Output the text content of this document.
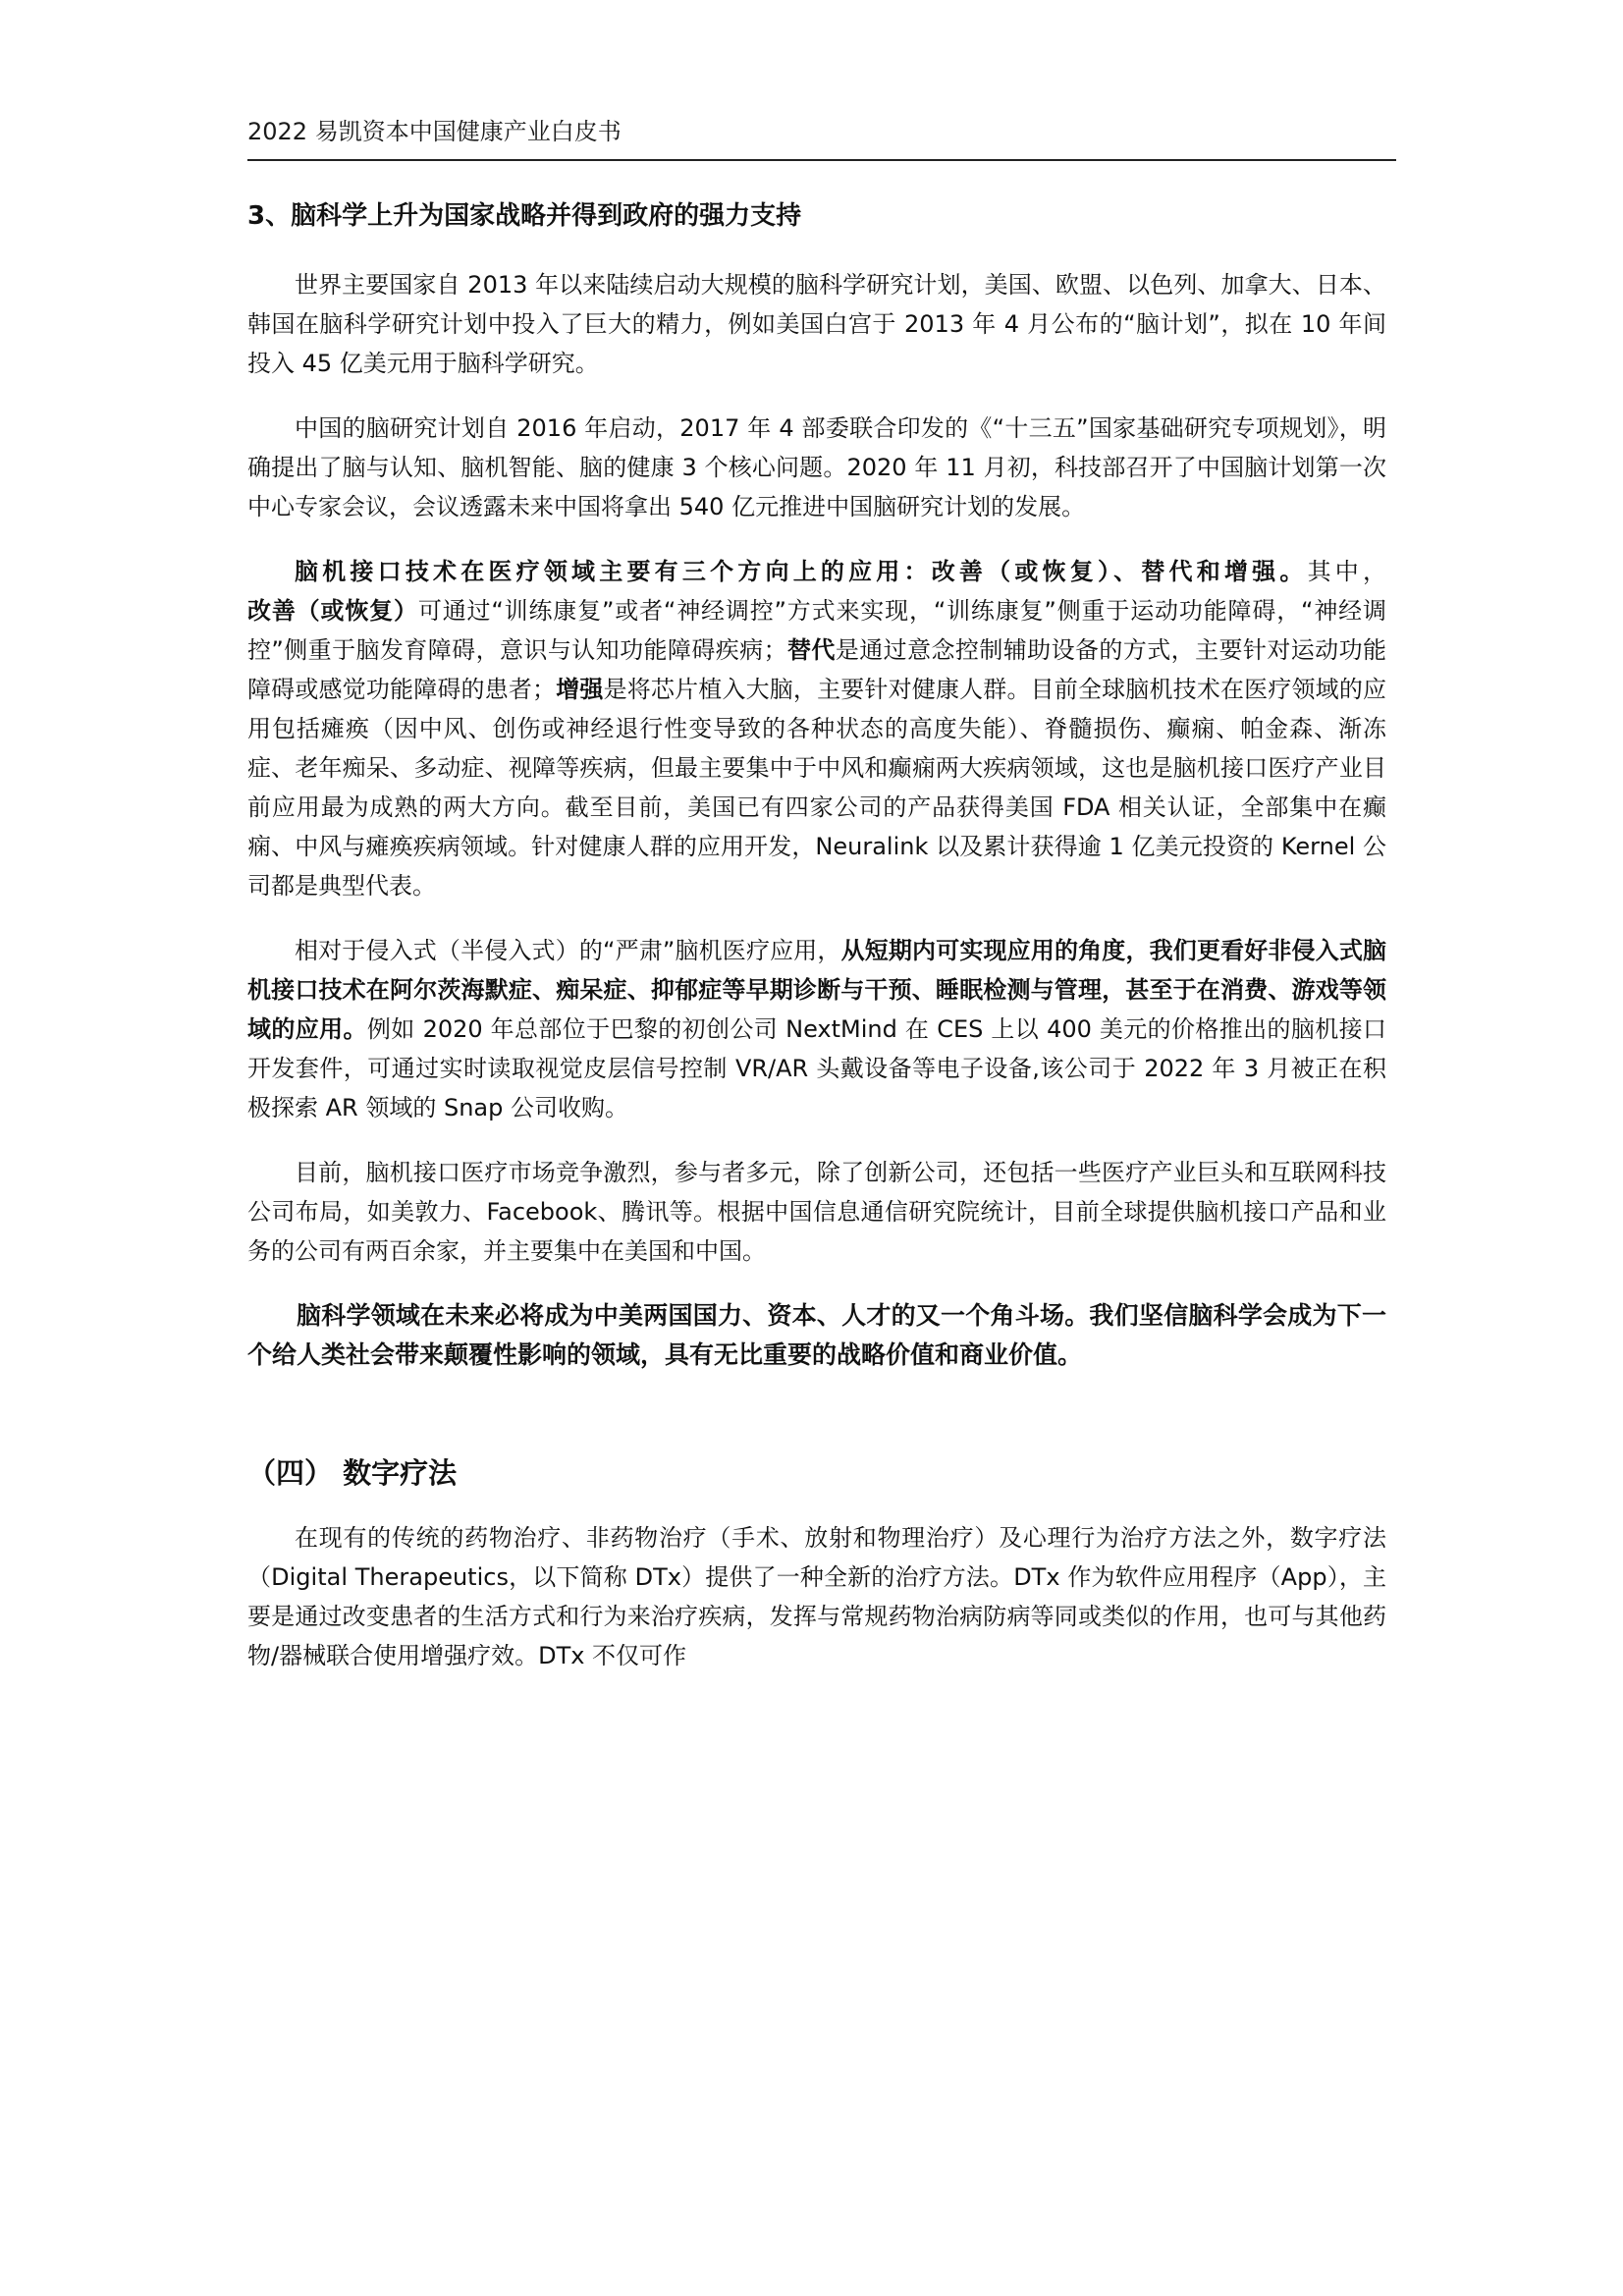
2022 易凯资本中国健康产业白皮书
3、脑科学上升为国家战略并得到政府的强力支持

世界主要国家自 2013 年以来陆续启动大规模的脑科学研究计划，美国、欧盟、以色列、加拿大、日本、韩国在脑科学研究计划中投入了巨大的精力，例如美国白宫于 2013 年 4 月公布的“脑计划”，拟在 10 年间投入 45 亿美元用于脑科学研究。

中国的脑研究计划自 2016 年启动，2017 年 4 部委联合印发的《“十三五”国家基础研究专项规划》，明确提出了脑与认知、脑机智能、脑的健康 3 个核心问题。2020 年 11 月初，科技部召开了中国脑计划第一次中心专家会议，会议透露未来中国将拿出 540 亿元推进中国脑研究计划的发展。

脑机接口技术在医疗领域主要有三个方向上的应用：改善（或恢复）、替代和增强。其中，改善（或恢复）可通过“训练康复”或者“神经调控”方式来实现，“训练康复”侧重于运动功能障碍，“神经调控”侧重于脑发育障碍，意识与认知功能障碍疾病；替代是通过意念控制辅助设备的方式，主要针对运动功能障碍或感觉功能障碍的患者；增强是将芯片植入大脑，主要针对健康人群。目前全球脑机技术在医疗领域的应用包括瘫痪（因中风、创伤或神经退行性变导致的各种状态的高度失能）、脊髓损伤、癫痫、帕金森、渐冻症、老年痴呆、多动症、视障等疾病，但最主要集中于中风和癫痫两大疾病领域，这也是脑机接口医疗产业目前应用最为成熟的两大方向。截至目前，美国已有四家公司的产品获得美国 FDA 相关认证，全部集中在癫痫、中风与瘫痪疾病领域。针对健康人群的应用开发，Neuralink 以及累计获得逾 1 亿美元投资的 Kernel 公司都是典型代表。

相对于侵入式（半侵入式）的“严肃”脑机医疗应用，从短期内可实现应用的角度，我们更看好非侵入式脑机接口技术在阿尔茨海默症、痴呆症、抑郁症等早期诊断与干预、睡眠检测与管理，甚至于在消费、游戏等领域的应用。例如 2020 年总部位于巴黎的初创公司 NextMind 在 CES 上以 400 美元的价格推出的脑机接口开发套件，可通过实时读取视觉皮层信号控制 VR/AR 头戴设备等电子设备,该公司于 2022 年 3 月被正在积极探索 AR 领域的 Snap 公司收购。

目前，脑机接口医疗市场竞争激烈，参与者多元，除了创新公司，还包括一些医疗产业巨头和互联网科技公司布局，如美敦力、Facebook、腾讯等。根据中国信息通信研究院统计，目前全球提供脑机接口产品和业务的公司有两百余家，并主要集中在美国和中国。

脑科学领域在未来必将成为中美两国国力、资本、人才的又一个角斗场。我们坚信脑科学会成为下一个给人类社会带来颠覆性影响的领域，具有无比重要的战略价值和商业价值。

（四） 数字疗法

在现有的传统的药物治疗、非药物治疗（手术、放射和物理治疗）及心理行为治疗方法之外，数字疗法（Digital Therapeutics，以下简称 DTx）提供了一种全新的治疗方法。DTx 作为软件应用程序（App），主要是通过改变患者的生活方式和行为来治疗疾病，发挥与常规药物治病防病等同或类似的作用，也可与其他药物/器械联合使用增强疗效。DTx 不仅可作
